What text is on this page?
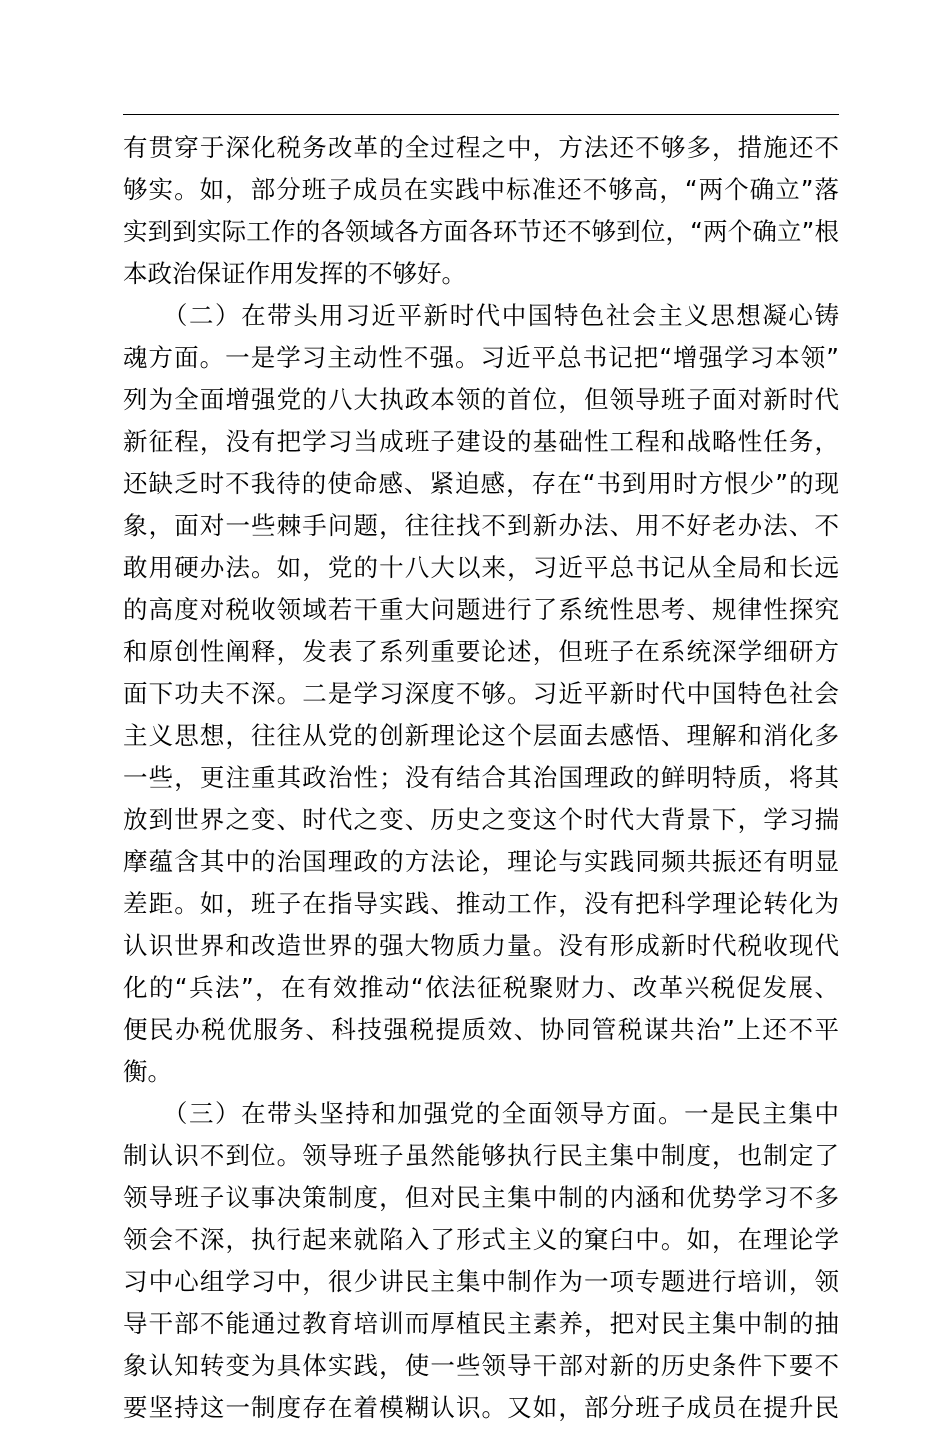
有贯穿于深化税务改革的全过程之中，方法还不够多，措施还不
够实。如，部分班子成员在实践中标准还不够高，“两个确立”落
实到到实际工作的各领域各方面各环节还不够到位，“两个确立”根
本政治保证作用发挥的不够好。
　　（二）在带头用习近平新时代中国特色社会主义思想凝心铸
魂方面。一是学习主动性不强。习近平总书记把“增强学习本领”
列为全面增强党的八大执政本领的首位，但领导班子面对新时代
新征程，没有把学习当成班子建设的基础性工程和战略性任务，
还缺乏时不我待的使命感、紧迫感，存在“书到用时方恨少”的现
象，面对一些棘手问题，往往找不到新办法、用不好老办法、不
敢用硬办法。如，党的十八大以来，习近平总书记从全局和长远
的高度对税收领域若干重大问题进行了系统性思考、规律性探究
和原创性阐释，发表了系列重要论述，但班子在系统深学细研方
面下功夫不深。二是学习深度不够。习近平新时代中国特色社会
主义思想，往往从党的创新理论这个层面去感悟、理解和消化多
一些，更注重其政治性；没有结合其治国理政的鲜明特质，将其
放到世界之变、时代之变、历史之变这个时代大背景下，学习揣
摩蕴含其中的治国理政的方法论，理论与实践同频共振还有明显
差距。如，班子在指导实践、推动工作，没有把科学理论转化为
认识世界和改造世界的强大物质力量。没有形成新时代税收现代
化的“兵法”，在有效推动“依法征税聚财力、改革兴税促发展、
便民办税优服务、科技强税提质效、协同管税谋共治”上还不平
衡。
　　（三）在带头坚持和加强党的全面领导方面。一是民主集中
制认识不到位。领导班子虽然能够执行民主集中制度，也制定了
领导班子议事决策制度，但对民主集中制的内涵和优势学习不多
领会不深，执行起来就陷入了形式主义的窠臼中。如，在理论学
习中心组学习中，很少讲民主集中制作为一项专题进行培训，领
导干部不能通过教育培训而厚植民主素养，把对民主集中制的抽
象认知转变为具体实践，使一些领导干部对新的历史条件下要不
要坚持这一制度存在着模糊认识。又如，部分班子成员在提升民
